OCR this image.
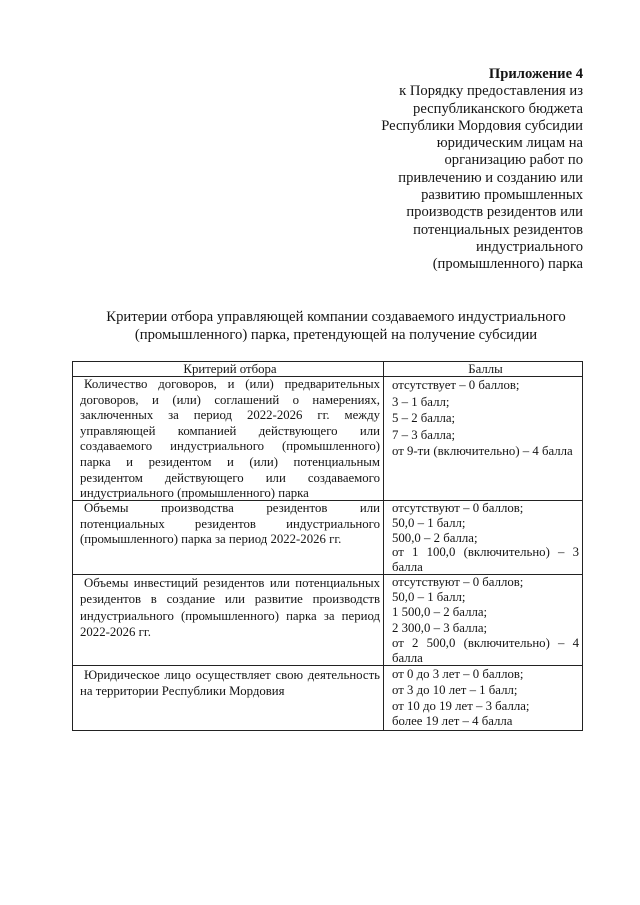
Приложение 4
к Порядку предоставления из
республиканского бюджета
Республики Мордовия субсидии
юридическим лицам на
организацию работ по
привлечению и созданию или
развитию промышленных
производств резидентов или
потенциальных резидентов
индустриального
(промышленного) парка
Критерии отбора управляющей компании создаваемого индустриального
(промышленного) парка, претендующей на получение субсидии
Критерий отбора	Баллы
Количество договоров, и (или) предварительных
договоров, и (или) соглашений о намерениях,
заключенных за период 2022-2026 гг. между
управляющей компанией действующего или
создаваемого индустриального (промышленного)
парка и резидентом и (или) потенциальным
резидентом действующего или создаваемого
индустриального (промышленного) парка
отсутствует – 0 баллов;
3 – 1 балл;
5 – 2 балла;
7 – 3 балла;
от 9-ти (включительно) – 4 балла
Объемы производства резидентов или
потенциальных резидентов индустриального
(промышленного) парка за период 2022-2026 гг.
отсутствуют – 0 баллов;
50,0 – 1 балл;
500,0 – 2 балла;
от 1 100,0 (включительно) – 3
балла
Объемы инвестиций резидентов или потенциальных
резидентов в создание или развитие производств
индустриального (промышленного) парка за период
2022-2026 гг.
отсутствуют – 0 баллов;
50,0 – 1 балл;
1 500,0 – 2 балла;
2 300,0 – 3 балла;
от 2 500,0 (включительно) – 4
балла
Юридическое лицо осуществляет свою деятельность
на территории Республики Мордовия
от 0 до 3 лет – 0 баллов;
от 3 до 10 лет – 1 балл;
от 10 до 19 лет – 3 балла;
более 19 лет – 4 балла
